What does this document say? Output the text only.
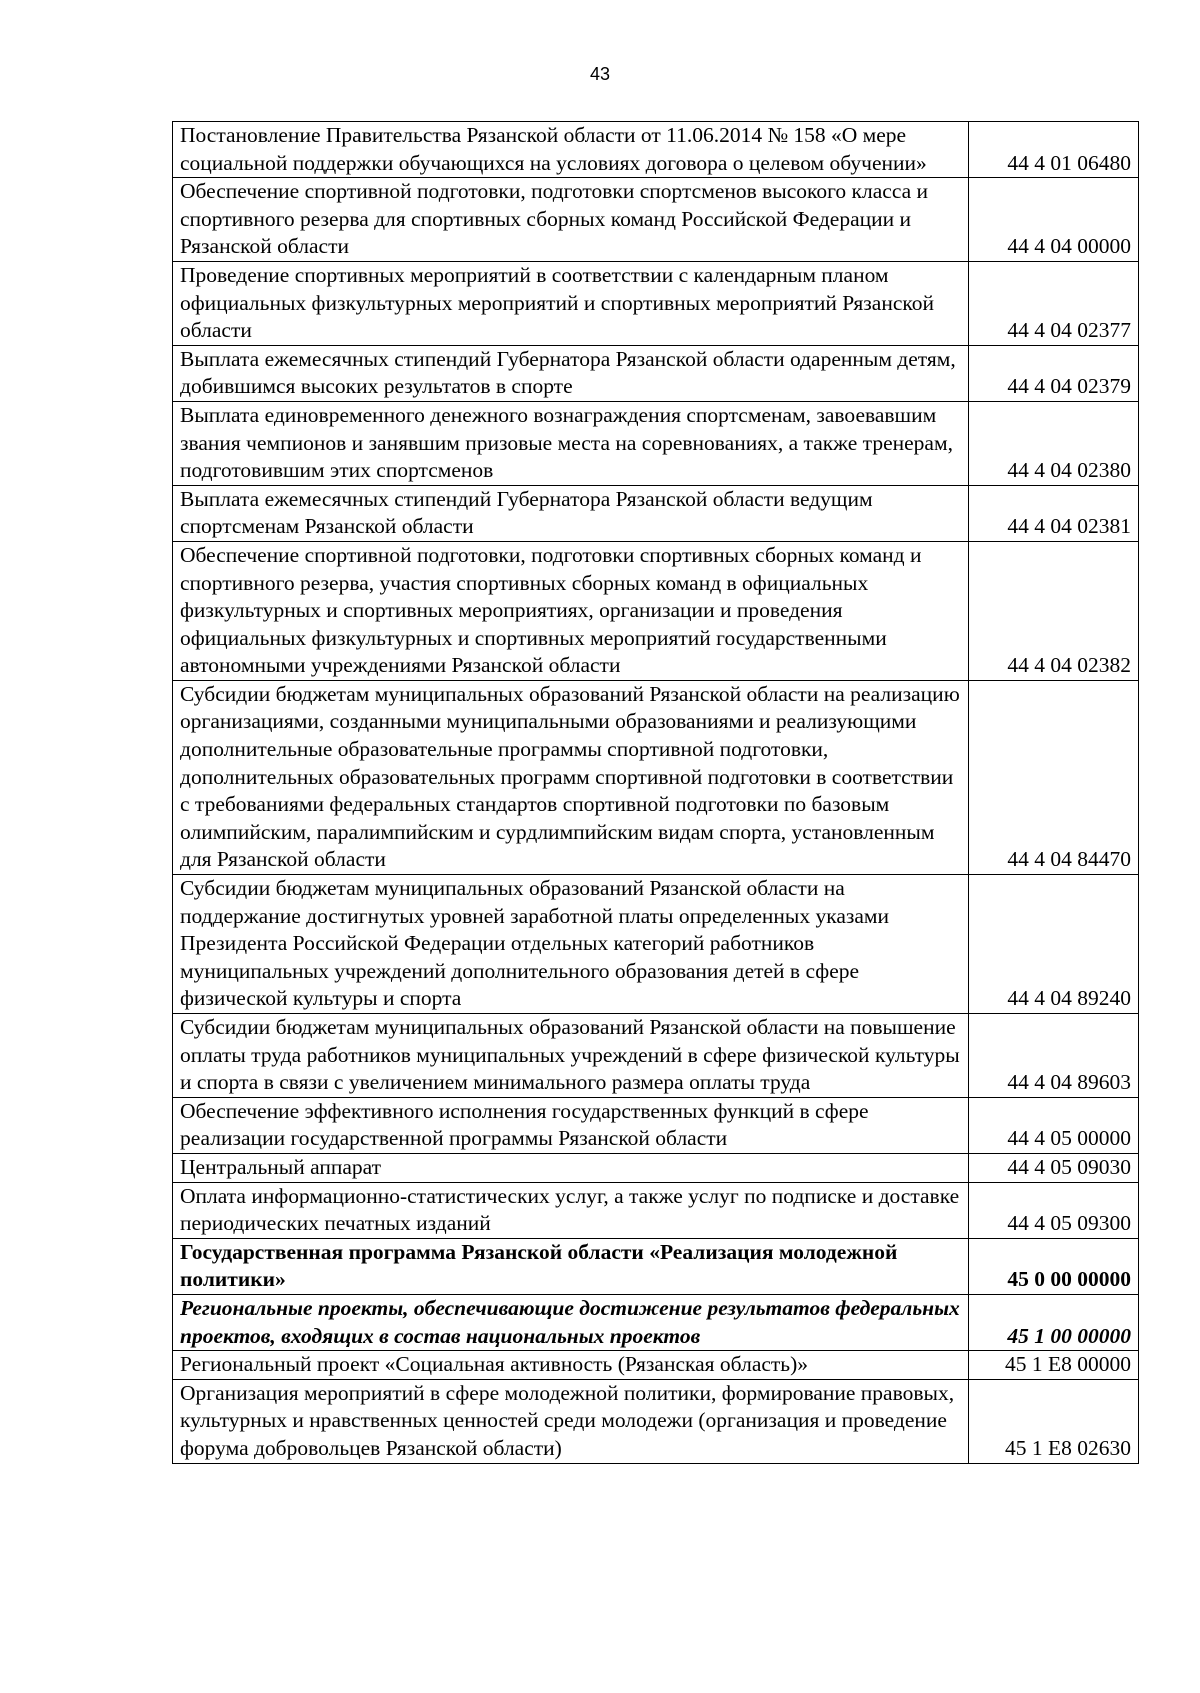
43
Постановление Правительства Рязанской области от 11.06.2014 № 158 «О мере социальной поддержки обучающихся на условиях договора о целевом обучении»	44 4 01 06480
Обеспечение спортивной подготовки, подготовки спортсменов высокого класса и спортивного резерва для спортивных сборных команд Российской Федерации и Рязанской области	44 4 04 00000
Проведение спортивных мероприятий в соответствии с календарным планом официальных физкультурных мероприятий и спортивных мероприятий Рязанской области	44 4 04 02377
Выплата ежемесячных стипендий Губернатора Рязанской области одаренным детям, добившимся высоких результатов в спорте	44 4 04 02379
Выплата единовременного денежного вознаграждения спортсменам, завоевавшим звания чемпионов и занявшим призовые места на соревнованиях, а также тренерам, подготовившим этих спортсменов	44 4 04 02380
Выплата ежемесячных стипендий Губернатора Рязанской области ведущим спортсменам Рязанской области	44 4 04 02381
Обеспечение спортивной подготовки, подготовки спортивных сборных команд и спортивного резерва, участия спортивных сборных команд в официальных физкультурных и спортивных мероприятиях, организации и проведения официальных физкультурных и спортивных мероприятий государственными автономными учреждениями Рязанской области	44 4 04 02382
Субсидии бюджетам муниципальных образований Рязанской области на реализацию организациями, созданными муниципальными образованиями и реализующими дополнительные образовательные программы спортивной подготовки, дополнительных образовательных программ спортивной подготовки в соответствии с требованиями федеральных стандартов спортивной подготовки по базовым олимпийским, паралимпийским и сурдлимпийским видам спорта, установленным для Рязанской области	44 4 04 84470
Субсидии бюджетам муниципальных образований Рязанской области на поддержание достигнутых уровней заработной платы определенных указами Президента Российской Федерации отдельных категорий работников муниципальных учреждений дополнительного образования детей в сфере физической культуры и спорта	44 4 04 89240
Субсидии бюджетам муниципальных образований Рязанской области на повышение оплаты труда работников муниципальных учреждений в сфере физической культуры и спорта в связи с увеличением минимального размера оплаты труда	44 4 04 89603
Обеспечение эффективного исполнения государственных функций в сфере реализации государственной программы Рязанской области	44 4 05 00000
Центральный аппарат	44 4 05 09030
Оплата информационно-статистических услуг, а также услуг по подписке и доставке периодических печатных изданий	44 4 05 09300
Государственная программа Рязанской области «Реализация молодежной политики»	45 0 00 00000
Региональные проекты, обеспечивающие достижение результатов федеральных проектов, входящих в состав национальных проектов	45 1 00 00000
Региональный проект «Социальная активность (Рязанская область)»	45 1 E8 00000
Организация мероприятий в сфере молодежной политики, формирование правовых, культурных и нравственных ценностей среди молодежи (организация и проведение форума добровольцев Рязанской области)	45 1 E8 02630
